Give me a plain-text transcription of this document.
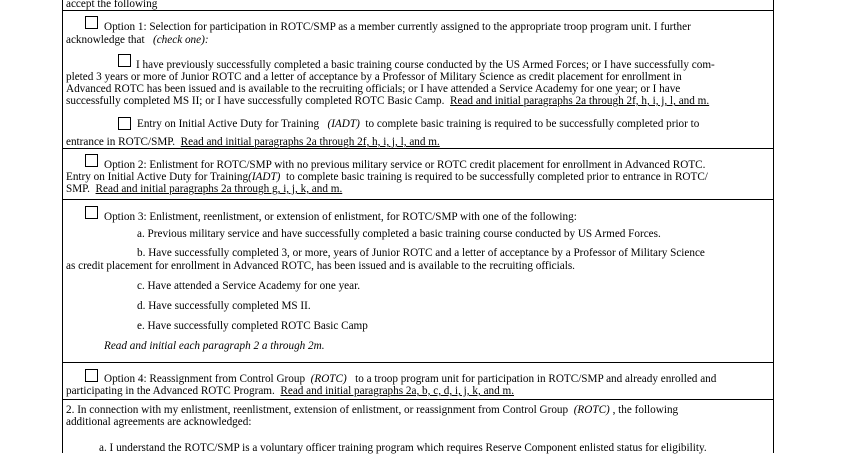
accept the following
Option 1: Selection for participation in ROTC/SMP as a member currently assigned to the appropriate troop program unit. I further
acknowledge that (check one):
I have previously successfully completed a basic training course conducted by the US Armed Forces; or I have successfully com-
pleted 3 years or more of Junior ROTC and a letter of acceptance by a Professor of Military Science as credit placement for enrollment in
Advanced ROTC has been issued and is available to the recruiting officials; or I have attended a Service Academy for one year; or I have
successfully completed MS II; or I have successfully completed ROTC Basic Camp. Read and initial paragraphs 2a through 2f, h, i, j, l, and m.
Entry on Initial Active Duty for Training (IADT) to complete basic training is required to be successfully completed prior to
entrance in ROTC/SMP. Read and initial paragraphs 2a through 2f, h, i, j, l, and m.
Option 2: Enlistment for ROTC/SMP with no previous military service or ROTC credit placement for enrollment in Advanced ROTC.
Entry on Initial Active Duty for Training(IADT) to complete basic training is required to be successfully completed prior to entrance in ROTC/
SMP. Read and initial paragraphs 2a through g, i, j, k, and m.
Option 3: Enlistment, reenlistment, or extension of enlistment, for ROTC/SMP with one of the following:
a. Previous military service and have successfully completed a basic training course conducted by US Armed Forces.
b. Have successfully completed 3, or more, years of Junior ROTC and a letter of acceptance by a Professor of Military Science
as credit placement for enrollment in Advanced ROTC, has been issued and is available to the recruiting officials.
c. Have attended a Service Academy for one year.
d. Have successfully completed MS II.
e. Have successfully completed ROTC Basic Camp
Read and initial each paragraph 2 a through 2m.
Option 4: Reassignment from Control Group (ROTC) to a troop program unit for participation in ROTC/SMP and already enrolled and
participating in the Advanced ROTC Program. Read and initial paragraphs 2a, b, c, d, i, j, k, and m.
2. In connection with my enlistment, reenlistment, extension of enlistment, or reassignment from Control Group (ROTC) , the following
additional agreements are acknowledged:
a. I understand the ROTC/SMP is a voluntary officer training program which requires Reserve Component enlisted status for eligibility.
